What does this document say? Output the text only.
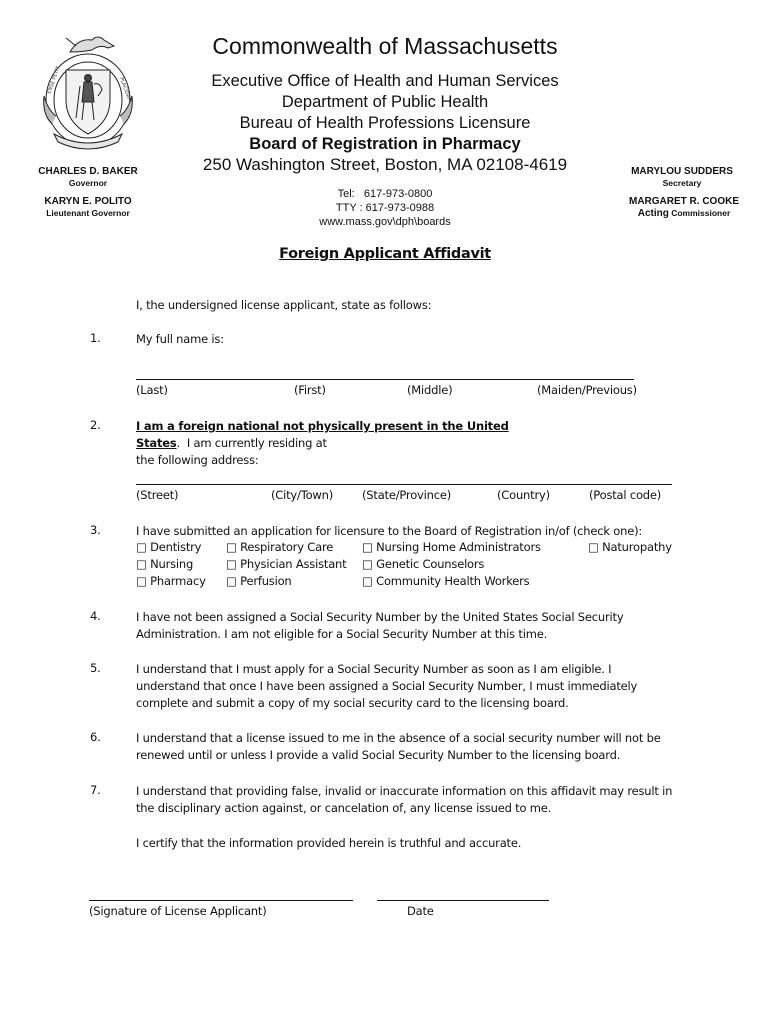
ENSE PETIT	PLACIDAM
Commonwealth of Massachusetts
Executive Office of Health and Human Services
Department of Public Health
Bureau of Health Professions Licensure
Board of Registration in Pharmacy
250 Washington Street, Boston, MA 02108-4619
Tel:   617-973-0800
TTY : 617-973-0988
www.mass.gov\dph\boards
CHARLES D. BAKER
Governor
KARYN E. POLITO
Lieutenant Governor
MARYLOU SUDDERS
Secretary
MARGARET R. COOKE
Acting Commissioner
Foreign Applicant Affidavit
I, the undersigned license applicant, state as follows:
1.	My full name is:
(Last)	(First)	(Middle)	(Maiden/Previous)
2.	I am a foreign national not physically present in the United States.  I am currently residing at
the following address:
(Street)	(City/Town)	(State/Province)	(Country)	(Postal code)
3.	I have submitted an application for licensure to the Board of Registration in/of (check one):
□ Dentistry □ Respiratory Care	□ Nursing Home Administrators	□ Naturopathy
□ Nursing	□ Physician Assistant □ Genetic Counselors
□ Pharmacy □ Perfusion	□ Community Health Workers
4.	I have not been assigned a Social Security Number by the United States Social Security
Administration. I am not eligible for a Social Security Number at this time.
5.	I understand that I must apply for a Social Security Number as soon as I am eligible. I
understand that once I have been assigned a Social Security Number, I must immediately
complete and submit a copy of my social security card to the licensing board.
6.	I understand that a license issued to me in the absence of a social security number will not be
renewed until or unless I provide a valid Social Security Number to the licensing board.
7.	I understand that providing false, invalid or inaccurate information on this affidavit may result in
the disciplinary action against, or cancelation of, any license issued to me.
I certify that the information provided herein is truthful and accurate.
(Signature of License Applicant)	Date
